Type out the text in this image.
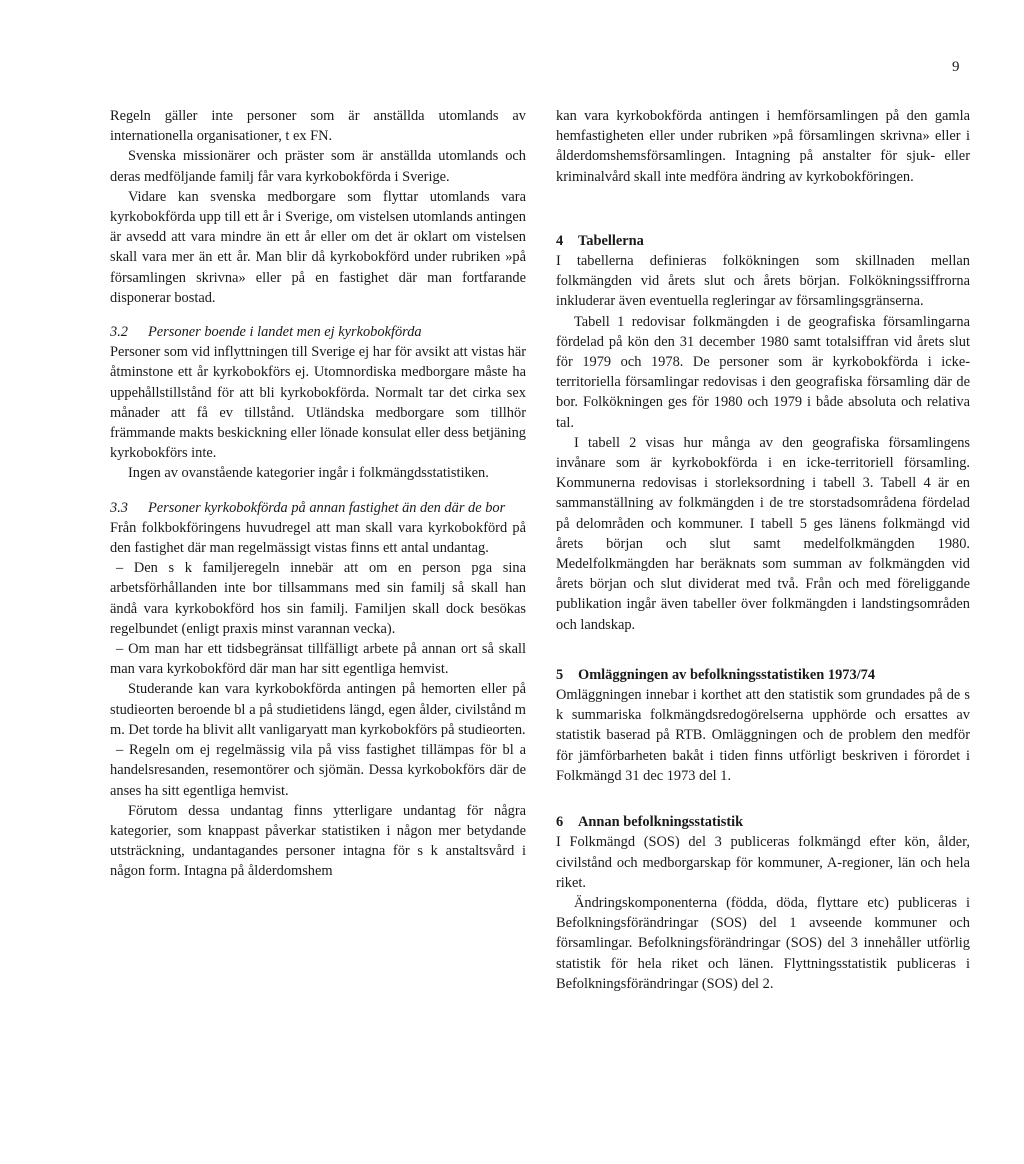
9

Regeln gäller inte personer som är anställda utomlands av internationella organisationer, t ex FN.

Svenska missionärer och präster som är anställda utomlands och deras medföljande familj får vara kyrkobokförda i Sverige.

Vidare kan svenska medborgare som flyttar utomlands vara kyrkobokförda upp till ett år i Sverige, om vistelsen utomlands antingen är avsedd att vara mindre än ett år eller om det är oklart om vistelsen skall vara mer än ett år. Man blir då kyrkobokförd under rubriken »på församlingen skrivna» eller på en fastighet där man fortfarande disponerar bostad.

3.2 Personer boende i landet men ej kyrkobokförda

Personer som vid inflyttningen till Sverige ej har för avsikt att vistas här åtminstone ett år kyrkobokförs ej. Utomnordiska medborgare måste ha uppehållstillstånd för att bli kyrkobokförda. Normalt tar det cirka sex månader att få ev tillstånd. Utländska medborgare som tillhör främmande makts beskickning eller lönade konsulat eller dess betjäning kyrkobokförs inte.

Ingen av ovanstående kategorier ingår i folkmängdsstatistiken.

3.3 Personer kyrkobokförda på annan fastighet än den där de bor

Från folkbokföringens huvudregel att man skall vara kyrkobokförd på den fastighet där man regelmässigt vistas finns ett antal undantag.

– Den s k familjeregeln innebär att om en person pga sina arbetsförhållanden inte bor tillsammans med sin familj så skall han ändå vara kyrkobokförd hos sin familj. Familjen skall dock besökas regelbundet (enligt praxis minst varannan vecka).

– Om man har ett tidsbegränsat tillfälligt arbete på annan ort så skall man vara kyrkobokförd där man har sitt egentliga hemvist.

Studerande kan vara kyrkobokförda antingen på hemorten eller på studieorten beroende bl a på studietidens längd, egen ålder, civilstånd m m. Det torde ha blivit allt vanligaryatt man kyrkobokförs på studieorten.

– Regeln om ej regelmässig vila på viss fastighet tillämpas för bl a handelsresanden, resemontörer och sjömän. Dessa kyrkobokförs där de anses ha sitt egentliga hemvist.

Förutom dessa undantag finns ytterligare undantag för några kategorier, som knappast påverkar statistiken i någon mer betydande utsträckning, undantagandes personer intagna för s k anstaltsvård i någon form. Intagna på ålderdomshem

kan vara kyrkobokförda antingen i hemförsamlingen på den gamla hemfastigheten eller under rubriken »på församlingen skrivna» eller i ålderdomshemsförsamlingen. Intagning på anstalter för sjuk- eller kriminalvård skall inte medföra ändring av kyrkobokföringen.

4 Tabellerna

I tabellerna definieras folkökningen som skillnaden mellan folkmängden vid årets slut och årets början. Folkökningssiffrorna inkluderar även eventuella regleringar av församlingsgränserna.

Tabell 1 redovisar folkmängden i de geografiska församlingarna fördelad på kön den 31 december 1980 samt totalsiffran vid årets slut för 1979 och 1978. De personer som är kyrkobokförda i icke-territoriella församlingar redovisas i den geografiska församling där de bor. Folkökningen ges för 1980 och 1979 i både absoluta och relativa tal.

I tabell 2 visas hur många av den geografiska församlingens invånare som är kyrkobokförda i en icke-territoriell församling. Kommunerna redovisas i storleksordning i tabell 3. Tabell 4 är en sammanställning av folkmängden i de tre storstadsområdena fördelad på delområden och kommuner. I tabell 5 ges länens folkmängd vid årets början och slut samt medelfolkmängden 1980. Medelfolkmängden har beräknats som summan av folkmängden vid årets början och slut dividerat med två. Från och med föreliggande publikation ingår även tabeller över folkmängden i landstingsområden och landskap.

5 Omläggningen av befolkningsstatistiken 1973/74

Omläggningen innebar i korthet att den statistik som grundades på de s k summariska folkmängdsredogörelserna upphörde och ersattes av statistik baserad på RTB. Omläggningen och de problem den medför för jämförbarheten bakåt i tiden finns utförligt beskriven i förordet i Folkmängd 31 dec 1973 del 1.

6 Annan befolkningsstatistik

I Folkmängd (SOS) del 3 publiceras folkmängd efter kön, ålder, civilstånd och medborgarskap för kommuner, A-regioner, län och hela riket.

Ändringskomponenterna (födda, döda, flyttare etc) publiceras i Befolkningsförändringar (SOS) del 1 avseende kommuner och församlingar. Befolkningsförändringar (SOS) del 3 innehåller utförlig statistik för hela riket och länen. Flyttningsstatistik publiceras i Befolkningsförändringar (SOS) del 2.
